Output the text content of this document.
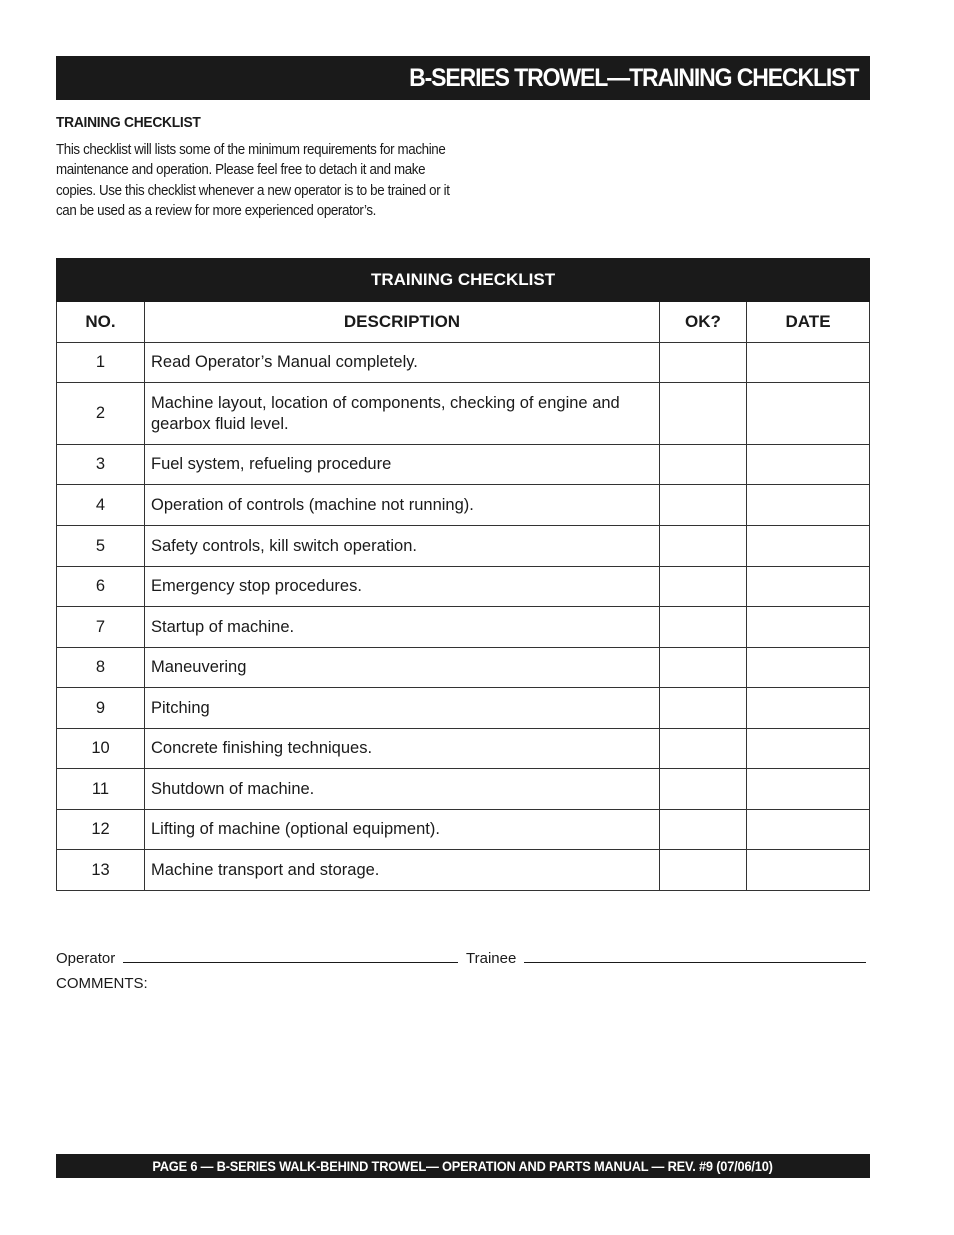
B-SERIES TROWEL—TRAINING CHECKLIST
TRAINING CHECKLIST
This checklist will lists some of the minimum requirements for machine maintenance and operation. Please feel free to detach it and make copies. Use this checklist whenever a new operator is to be trained or it can be used as a review for more experienced operator’s.
TRAINING CHECKLIST			
NO.	DESCRIPTION	OK?	DATE
1	Read Operator’s Manual completely.		
2	Machine layout, location of components, checking of engine and gearbox fluid level.		
3	Fuel system, refueling procedure		
4	Operation of controls (machine not running).		
5	Safety controls, kill switch operation.		
6	Emergency stop procedures.		
7	Startup of machine.		
8	Maneuvering		
9	Pitching		
10	Concrete finishing techniques.		
11	Shutdown of machine.		
12	Lifting of machine (optional equipment).		
13	Machine transport and storage.		
Operator	Trainee
COMMENTS:
PAGE 6 — B-SERIES WALK-BEHIND TROWEL— OPERATION AND PARTS MANUAL — REV. #9 (07/06/10)
